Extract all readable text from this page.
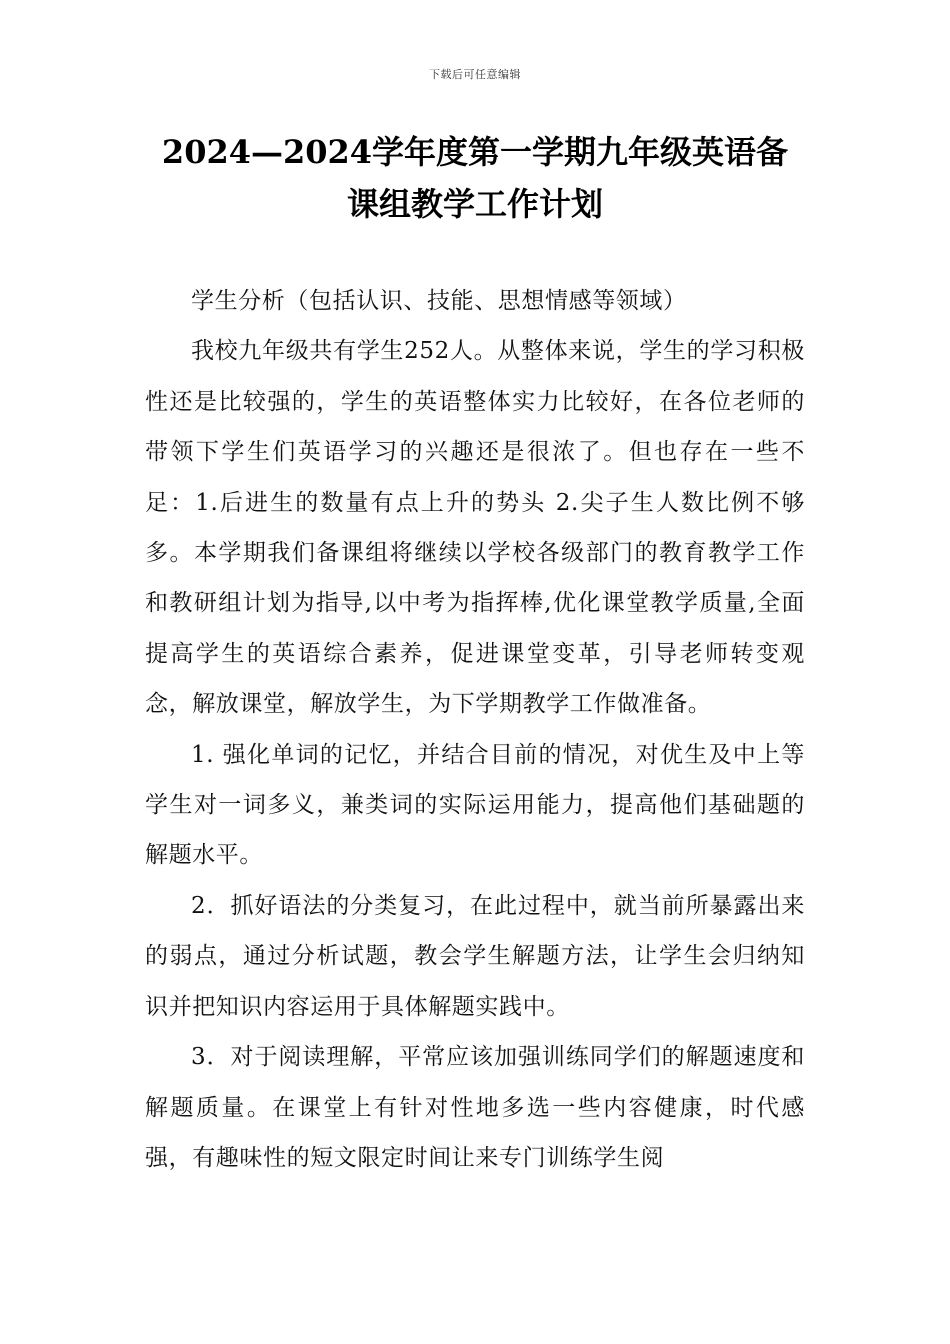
下载后可任意编辑
2024—2024学年度第一学期九年级英语备
课组教学工作计划

学生分析（包括认识、技能、思想情感等领域）

我校九年级共有学生252人。从整体来说，学生的学习积极性还是比较强的，学生的英语整体实力比较好，在各位老师的带领下学生们英语学习的兴趣还是很浓了。但也存在一些不足：1.后进生的数量有点上升的势头 2.尖子生人数比例不够多。本学期我们备课组将继续以学校各级部门的教育教学工作和教研组计划为指导,以中考为指挥棒,优化课堂教学质量,全面提高学生的英语综合素养，促进课堂变革，引导老师转变观念，解放课堂，解放学生，为下学期教学工作做准备。

1. 强化单词的记忆，并结合目前的情况，对优生及中上等学生对一词多义，兼类词的实际运用能力，提高他们基础题的解题水平。

2．抓好语法的分类复习，在此过程中，就当前所暴露出来的弱点，通过分析试题，教会学生解题方法，让学生会归纳知识并把知识内容运用于具体解题实践中。

3．对于阅读理解，平常应该加强训练同学们的解题速度和解题质量。在课堂上有针对性地多选一些内容健康，时代感强，有趣味性的短文限定时间让来专门训练学生阅
